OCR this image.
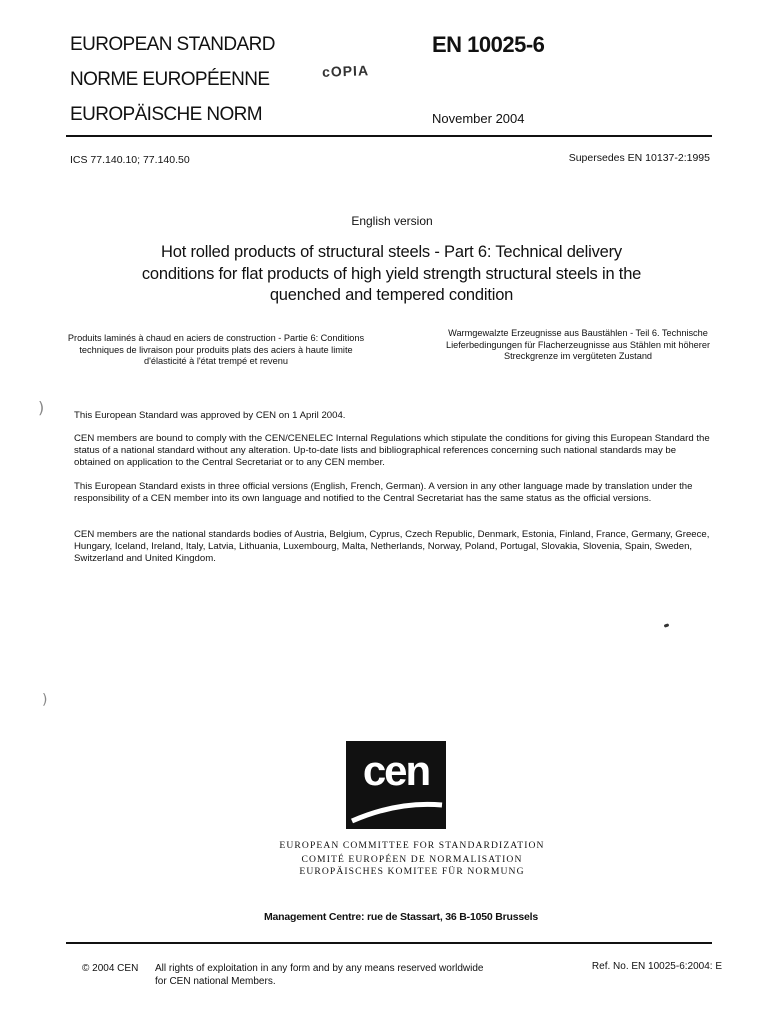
EUROPEAN STANDARD
NORME EUROPÉENNE
EUROPÄISCHE NORM
EN 10025-6
ϲOPIA
November 2004
ICS 77.140.10; 77.140.50	Supersedes EN 10137-2:1995
English version
Hot rolled products of structural steels - Part 6: Technical delivery conditions for flat products of high yield strength structural steels in the quenched and tempered condition
Produits laminés à chaud en aciers de construction - Partie 6: Conditions techniques de livraison pour produits plats des aciers à haute limite d'élasticité à l'état trempé et revenu
Warmgewalzte Erzeugnisse aus Baustählen - Teil 6. Technische Lieferbedingungen für Flacherzeugnisse aus Stählen mit höherer Streckgrenze im vergüteten Zustand
)	This European Standard was approved by CEN on 1 April 2004.
CEN members are bound to comply with the CEN/CENELEC Internal Regulations which stipulate the conditions for giving this European Standard the status of a national standard without any alteration. Up-to-date lists and bibliographical references concerning such national standards may be obtained on application to the Central Secretariat or to any CEN member.
This European Standard exists in three official versions (English, French, German). A version in any other language made by translation under the responsibility of a CEN member into its own language and notified to the Central Secretariat has the same status as the official versions.
CEN members are the national standards bodies of Austria, Belgium, Cyprus, Czech Republic, Denmark, Estonia, Finland, France, Germany, Greece, Hungary, Iceland, Ireland, Italy, Latvia, Lithuania, Luxembourg, Malta, Netherlands, Norway, Poland, Portugal, Slovakia, Slovenia, Spain, Sweden, Switzerland and United Kingdom.
)
cen
EUROPEAN COMMITTEE FOR STANDARDIZATION
COMITÉ EUROPÉEN DE NORMALISATION
EUROPÄISCHES KOMITEE FÜR NORMUNG
Management Centre: rue de Stassart, 36 B-1050 Brussels
© 2004 CEN All rights of exploitation in any form and by any means reserved worldwide for CEN national Members.
Ref. No. EN 10025-6:2004: E
